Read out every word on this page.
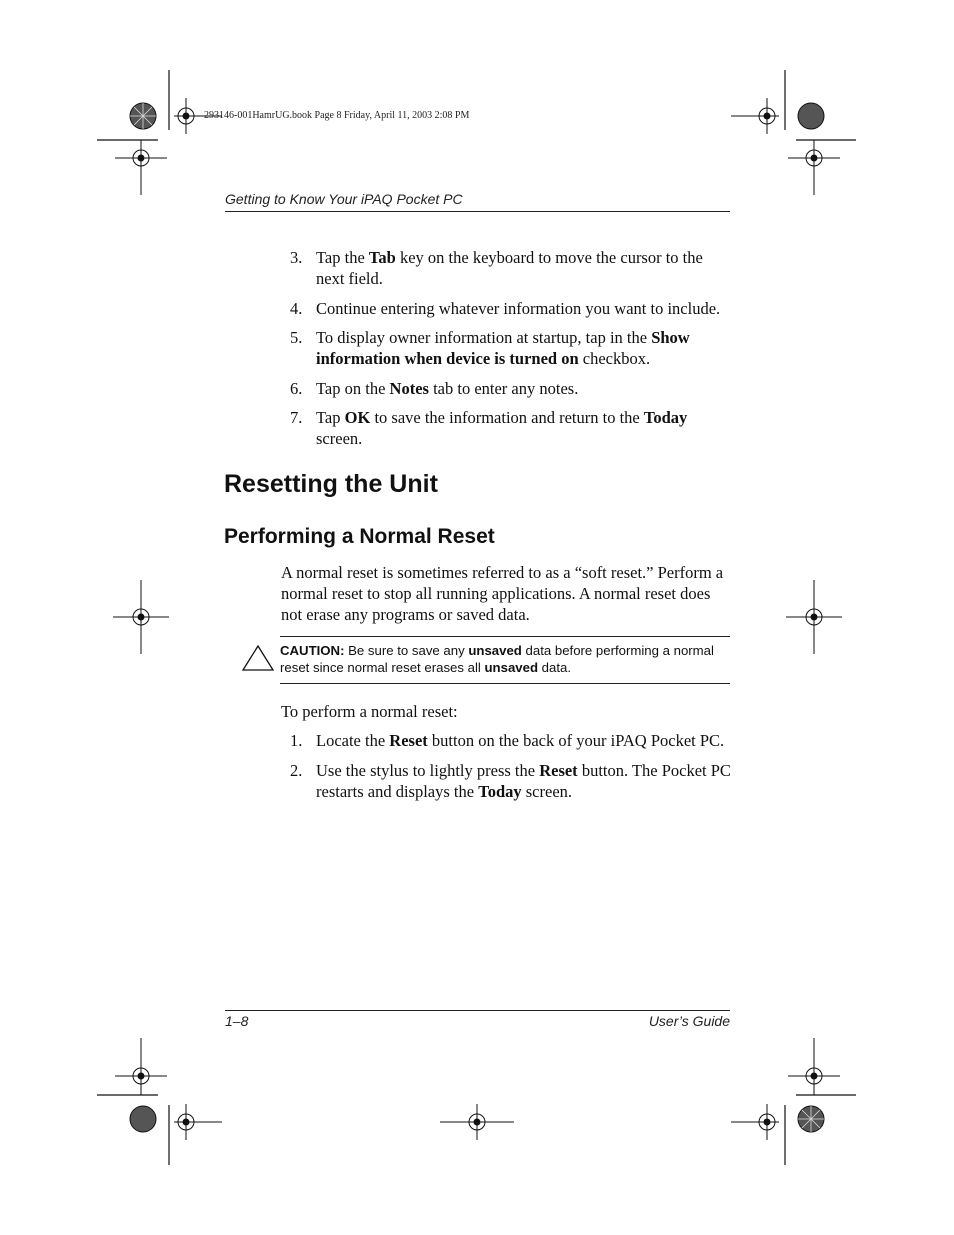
293146-001HamrUG.book Page 8 Friday, April 11, 2003 2:08 PM
Getting to Know Your iPAQ Pocket PC
3. Tap the Tab key on the keyboard to move the cursor to the next field.
4. Continue entering whatever information you want to include.
5. To display owner information at startup, tap in the Show information when device is turned on checkbox.
6. Tap on the Notes tab to enter any notes.
7. Tap OK to save the information and return to the Today screen.
Resetting the Unit
Performing a Normal Reset
A normal reset is sometimes referred to as a “soft reset.” Perform a normal reset to stop all running applications. A normal reset does not erase any programs or saved data.
CAUTION: Be sure to save any unsaved data before performing a normal reset since normal reset erases all unsaved data.
To perform a normal reset:
1. Locate the Reset button on the back of your iPAQ Pocket PC.
2. Use the stylus to lightly press the Reset button. The Pocket PC restarts and displays the Today screen.
1–8	User’s Guide
